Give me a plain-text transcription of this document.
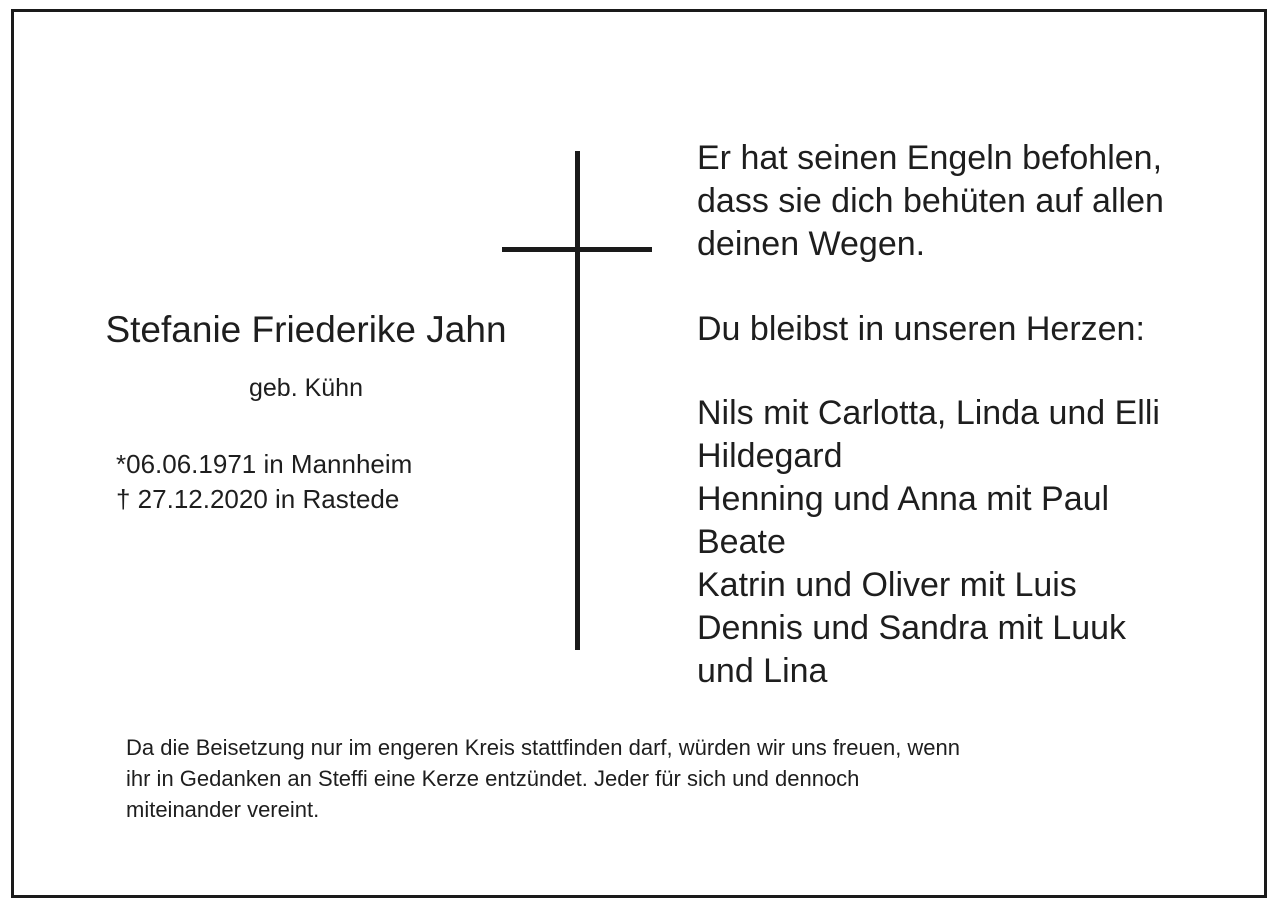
Stefanie Friederike Jahn
geb. Kühn
*06.06.1971 in Mannheim
† 27.12.2020 in Rastede
Er hat seinen Engeln befohlen,
dass sie dich behüten auf allen
deinen Wegen.
Du bleibst in unseren Herzen:
Nils mit Carlotta, Linda und Elli
Hildegard
Henning und Anna mit Paul
Beate
Katrin und Oliver mit Luis
Dennis und Sandra mit Luuk
und Lina
Da die Beisetzung nur im engeren Kreis stattfinden darf, würden wir uns freuen, wenn
ihr in Gedanken an Steffi eine Kerze entzündet. Jeder für sich und dennoch
miteinander vereint.
